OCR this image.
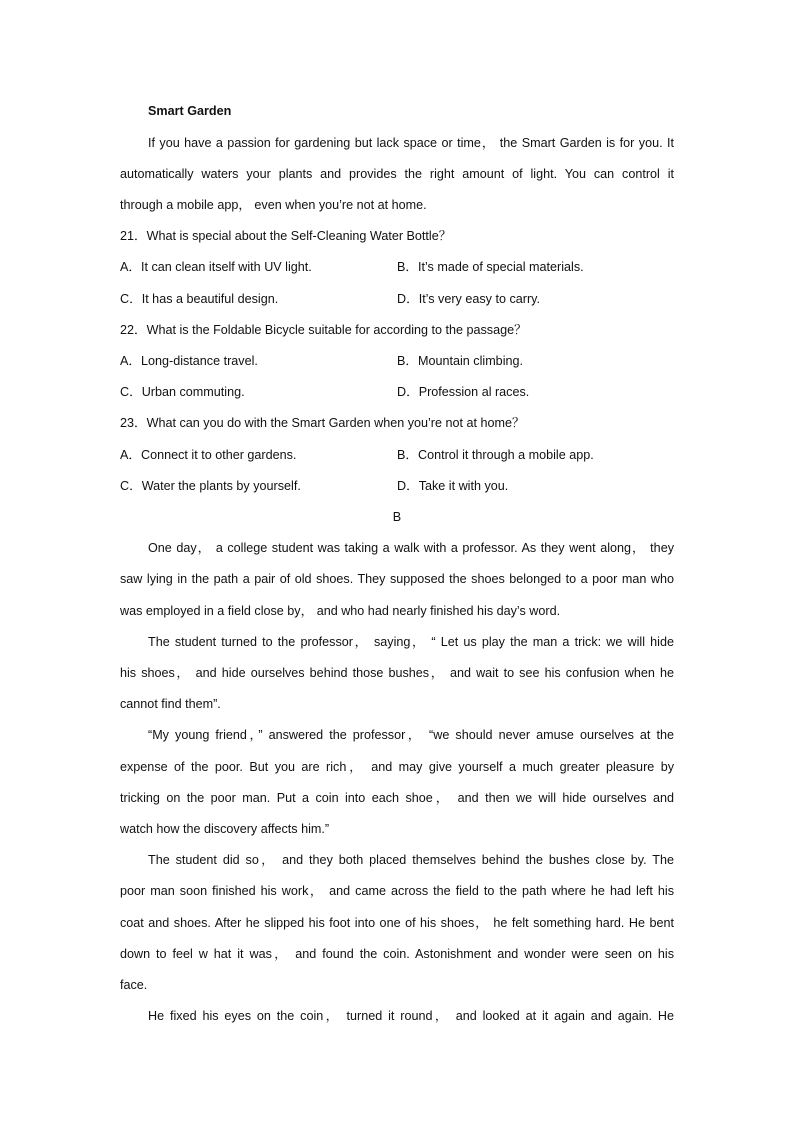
Smart Garden
If you have a passion for gardening but lack space or time， the Smart Garden is for you. It
automatically waters your plants and provides the right amount of light. You can control it
through a mobile app， even when you’re not at home.
21．What is special about the Self-Cleaning Water Bottle？
A．It can clean itself with UV light.	B．It’s made of special materials.
C．It has a beautiful design.	D．It’s very easy to carry.
22．What is the Foldable Bicycle suitable for according to the passage？
A．Long-distance travel.	B．Mountain climbing.
C．Urban commuting.	D．Profession al races.
23．What can you do with the Smart Garden when you’re not at home？
A．Connect it to other gardens.	B．Control it through a mobile app.
C．Water the plants by yourself.	D．Take it with you.
B
One day， a college student was taking a walk with a professor. As they went along， they
saw lying in the path a pair of old shoes. They supposed the shoes belonged to a poor man who
was employed in a field close by， and who had nearly finished his day’s word.
The student turned to the professor， saying， “ Let us play the man a trick: we will hide
his shoes， and hide ourselves behind those bushes， and wait to see his confusion when he
cannot find them”.
“My young friend，” answered the professor， “we should never amuse ourselves at the
expense of the poor. But you are rich， and may give yourself a much greater pleasure by
tricking on the poor man. Put a coin into each shoe， and then we will hide ourselves and
watch how the discovery affects him.”
The student did so， and they both placed themselves behind the bushes close by. The
poor man soon finished his work， and came across the field to the path where he had left his
coat and shoes. After he slipped his foot into one of his shoes， he felt something hard. He bent
down to feel w hat it was， and found the coin. Astonishment and wonder were seen on his
face.
He fixed his eyes on the coin， turned it round， and looked at it again and again. He
